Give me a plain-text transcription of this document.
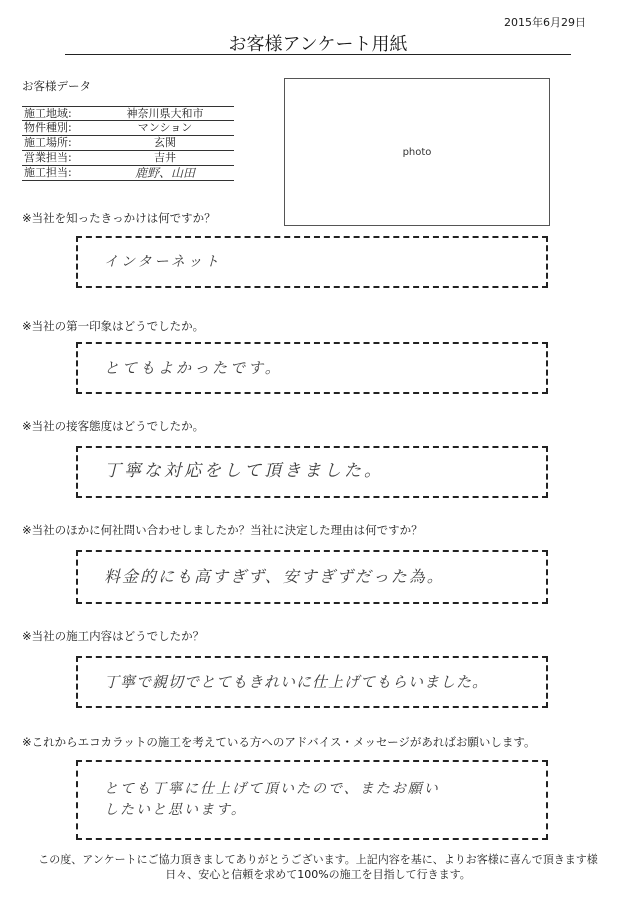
2015年6月29日
お客様アンケート用紙
お客様データ
施工地域:	神奈川県大和市
物件種別:	マンション
施工場所:	玄関
営業担当:	吉井
施工担当:	鹿野、山田
photo
※当社を知ったきっかけは何ですか？
インターネット
※当社の第一印象はどうでしたか。
とてもよかったです。
※当社の接客態度はどうでしたか。
丁寧な対応をして頂きました。
※当社のほかに何社問い合わせしましたか？当社に決定した理由は何ですか？
料金的にも高すぎず、安すぎずだった為。
※当社の施工内容はどうでしたか？
丁寧で親切でとてもきれいに仕上げてもらいました。
※これからエコカラットの施工を考えている方へのアドバイス・メッセージがあればお願いします。
とても丁寧に仕上げて頂いたので、またお願い
したいと思います。
この度、アンケートにご協力頂きましてありがとうございます。上記内容を基に、よりお客様に喜んで頂きます様
日々、安心と信頼を求めて100%の施工を目指して行きます。
